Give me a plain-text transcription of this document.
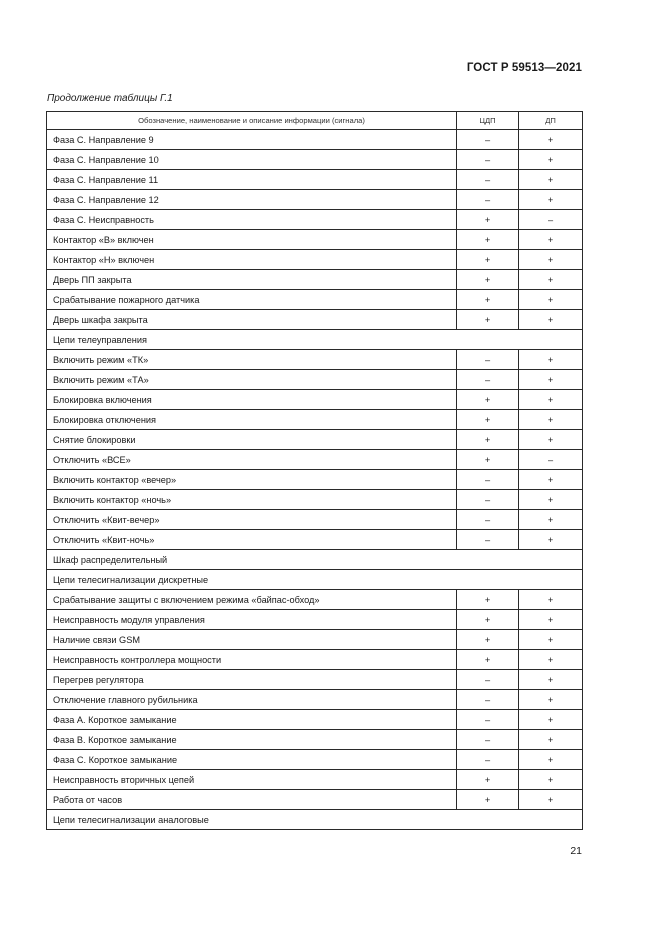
ГОСТ Р 59513—2021
Продолжение таблицы Г.1
Обозначение, наименование и описание информации (сигнала)	ЦДП	ДП
Фаза С. Направление 9	–	+
Фаза С. Направление 10	–	+
Фаза С. Направление 11	–	+
Фаза С. Направление 12	–	+
Фаза С. Неисправность	+	–
Контактор «В» включен	+	+
Контактор «Н» включен	+	+
Дверь ПП закрыта	+	+
Срабатывание пожарного датчика	+	+
Дверь шкафа закрыта	+	+
Цепи телеуправления		
Включить режим «ТК»	–	+
Включить режим «ТА»	–	+
Блокировка включения	+	+
Блокировка отключения	+	+
Снятие блокировки	+	+
Отключить «ВСЕ»	+	–
Включить контактор «вечер»	–	+
Включить контактор «ночь»	–	+
Отключить «Квит-вечер»	–	+
Отключить «Квит-ночь»	–	+
Шкаф распределительный		
Цепи телесигнализации дискретные		
Срабатывание защиты с включением режима «байпас-обход»	+	+
Неисправность модуля управления	+	+
Наличие связи GSM	+	+
Неисправность контроллера мощности	+	+
Перегрев регулятора	–	+
Отключение главного рубильника	–	+
Фаза А. Короткое замыкание	–	+
Фаза В. Короткое замыкание	–	+
Фаза С. Короткое замыкание	–	+
Неисправность вторичных цепей	+	+
Работа от часов	+	+
Цепи телесигнализации аналоговые		
21
